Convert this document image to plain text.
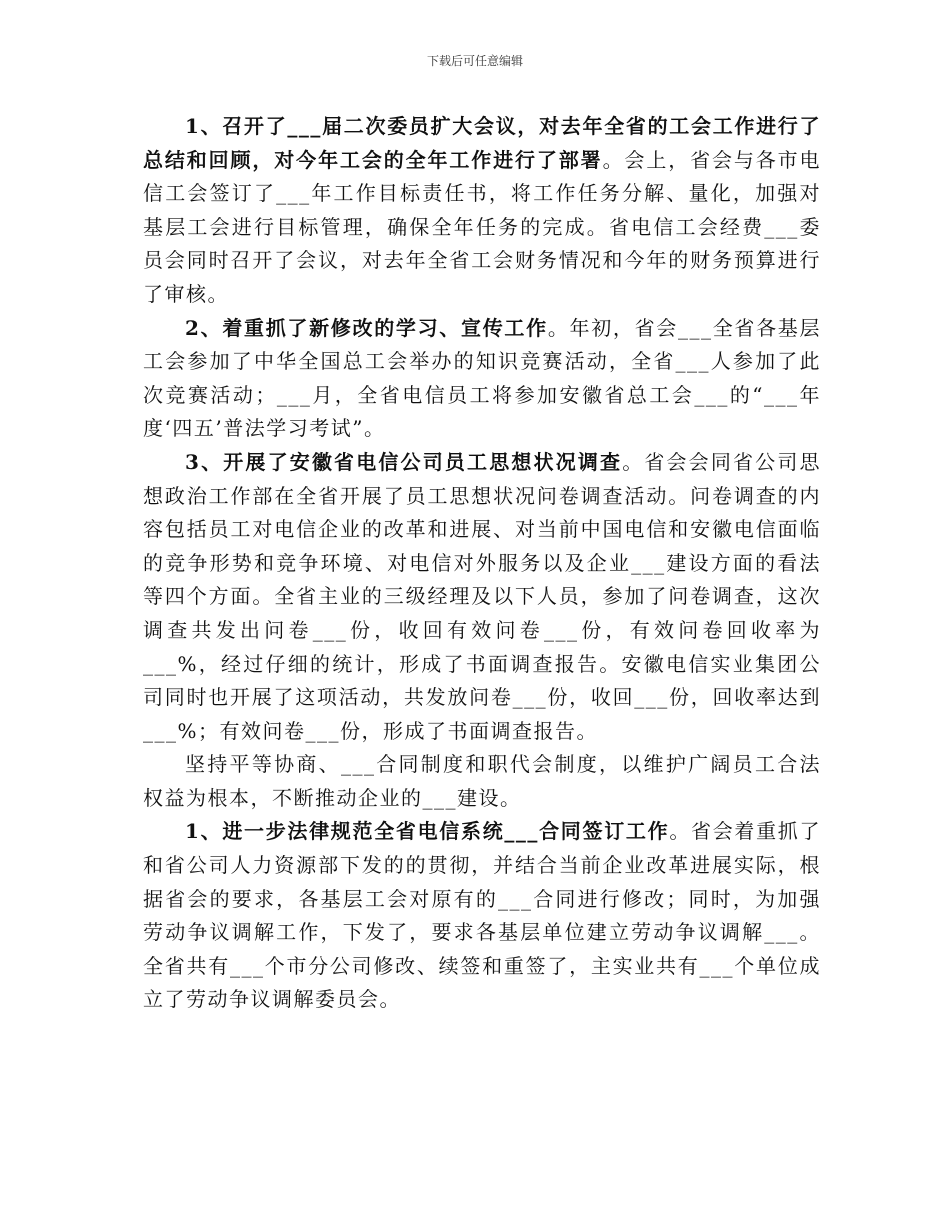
下载后可任意编辑

1、召开了___届二次委员扩大会议，对去年全省的工会工作进行了总结和回顾，对今年工会的全年工作进行了部署。会上，省会与各市电信工会签订了___年工作目标责任书，将工作任务分解、量化，加强对基层工会进行目标管理，确保全年任务的完成。省电信工会经费___委员会同时召开了会议，对去年全省工会财务情况和今年的财务预算进行了审核。

2、着重抓了新修改的学习、宣传工作。年初，省会___全省各基层工会参加了中华全国总工会举办的知识竞赛活动，全省___人参加了此次竞赛活动；___月，全省电信员工将参加安徽省总工会___的“___年度‘四五’普法学习考试”。

3、开展了安徽省电信公司员工思想状况调查。省会会同省公司思想政治工作部在全省开展了员工思想状况问卷调查活动。问卷调查的内容包括员工对电信企业的改革和进展、对当前中国电信和安徽电信面临的竞争形势和竞争环境、对电信对外服务以及企业___建设方面的看法等四个方面。全省主业的三级经理及以下人员，参加了问卷调查，这次调查共发出问卷___份，收回有效问卷___份，有效问卷回收率为___%，经过仔细的统计，形成了书面调查报告。安徽电信实业集团公司同时也开展了这项活动，共发放问卷___份，收回___份，回收率达到___%；有效问卷___份，形成了书面调查报告。

坚持平等协商、___合同制度和职代会制度，以维护广阔员工合法权益为根本，不断推动企业的___建设。

1、进一步法律规范全省电信系统___合同签订工作。省会着重抓了和省公司人力资源部下发的的贯彻，并结合当前企业改革进展实际，根据省会的要求，各基层工会对原有的___合同进行修改；同时，为加强劳动争议调解工作，下发了，要求各基层单位建立劳动争议调解___。全省共有___个市分公司修改、续签和重签了，主实业共有___个单位成立了劳动争议调解委员会。
